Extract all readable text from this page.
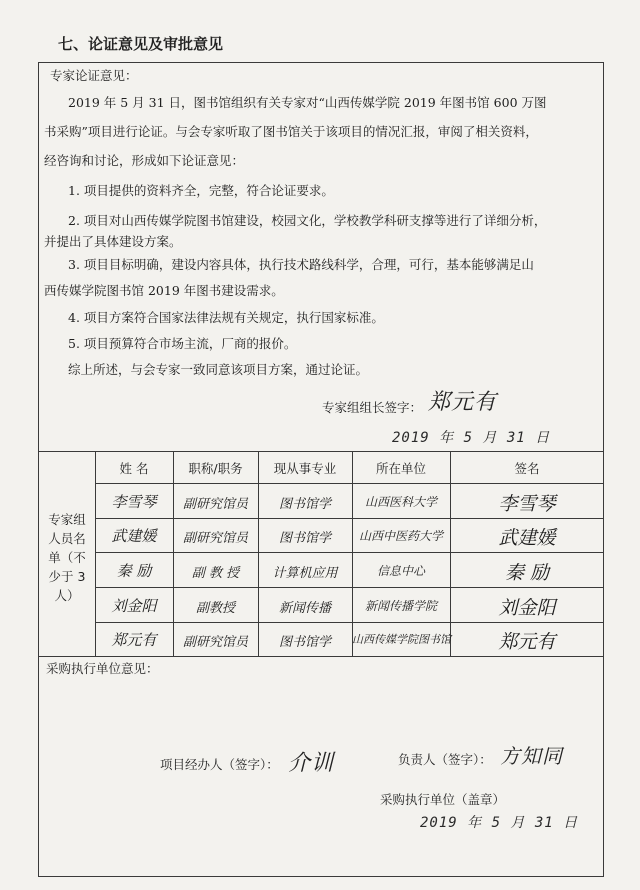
七、论证意见及审批意见
专家论证意见：
2019 年 5 月 31 日，图书馆组织有关专家对“山西传媒学院 2019 年图书馆 600 万图
书采购”项目进行论证。与会专家听取了图书馆关于该项目的情况汇报，审阅了相关资料，
经咨询和讨论，形成如下论证意见：
1. 项目提供的资料齐全，完整，符合论证要求。
2. 项目对山西传媒学院图书馆建设，校园文化，学校教学科研支撑等进行了详细分析，
并提出了具体建设方案。
3. 项目目标明确，建设内容具体，执行技术路线科学，合理，可行，基本能够满足山
西传媒学院图书馆 2019 年图书建设需求。
4. 项目方案符合国家法律法规有关规定，执行国家标准。
5. 项目预算符合市场主流，厂商的报价。
综上所述，与会专家一致同意该项目方案，通过论证。
专家组组长签字： 郑元有
2019 年 5 月 31 日
专家组
人员名
单（不
少于 3
人）
姓 名	职称/职务	现从事专业	所在单位	签名
李雪琴	副研究馆员	图书馆学	山西医科大学	李雪琴
武建媛	副研究馆员	图书馆学	山西中医药大学	武建媛
秦 励	副 教 授	计算机应用	信息中心	秦 励
刘金阳	副教授	新闻传播	新闻传播学院	刘金阳
郑元有	副研究馆员	图书馆学	山西传媒学院图书馆	郑元有
采购执行单位意见：
项目经办人（签字）： 介训	负责人（签字）： 方知同
采购执行单位（盖章）
2019 年 5 月 31 日
